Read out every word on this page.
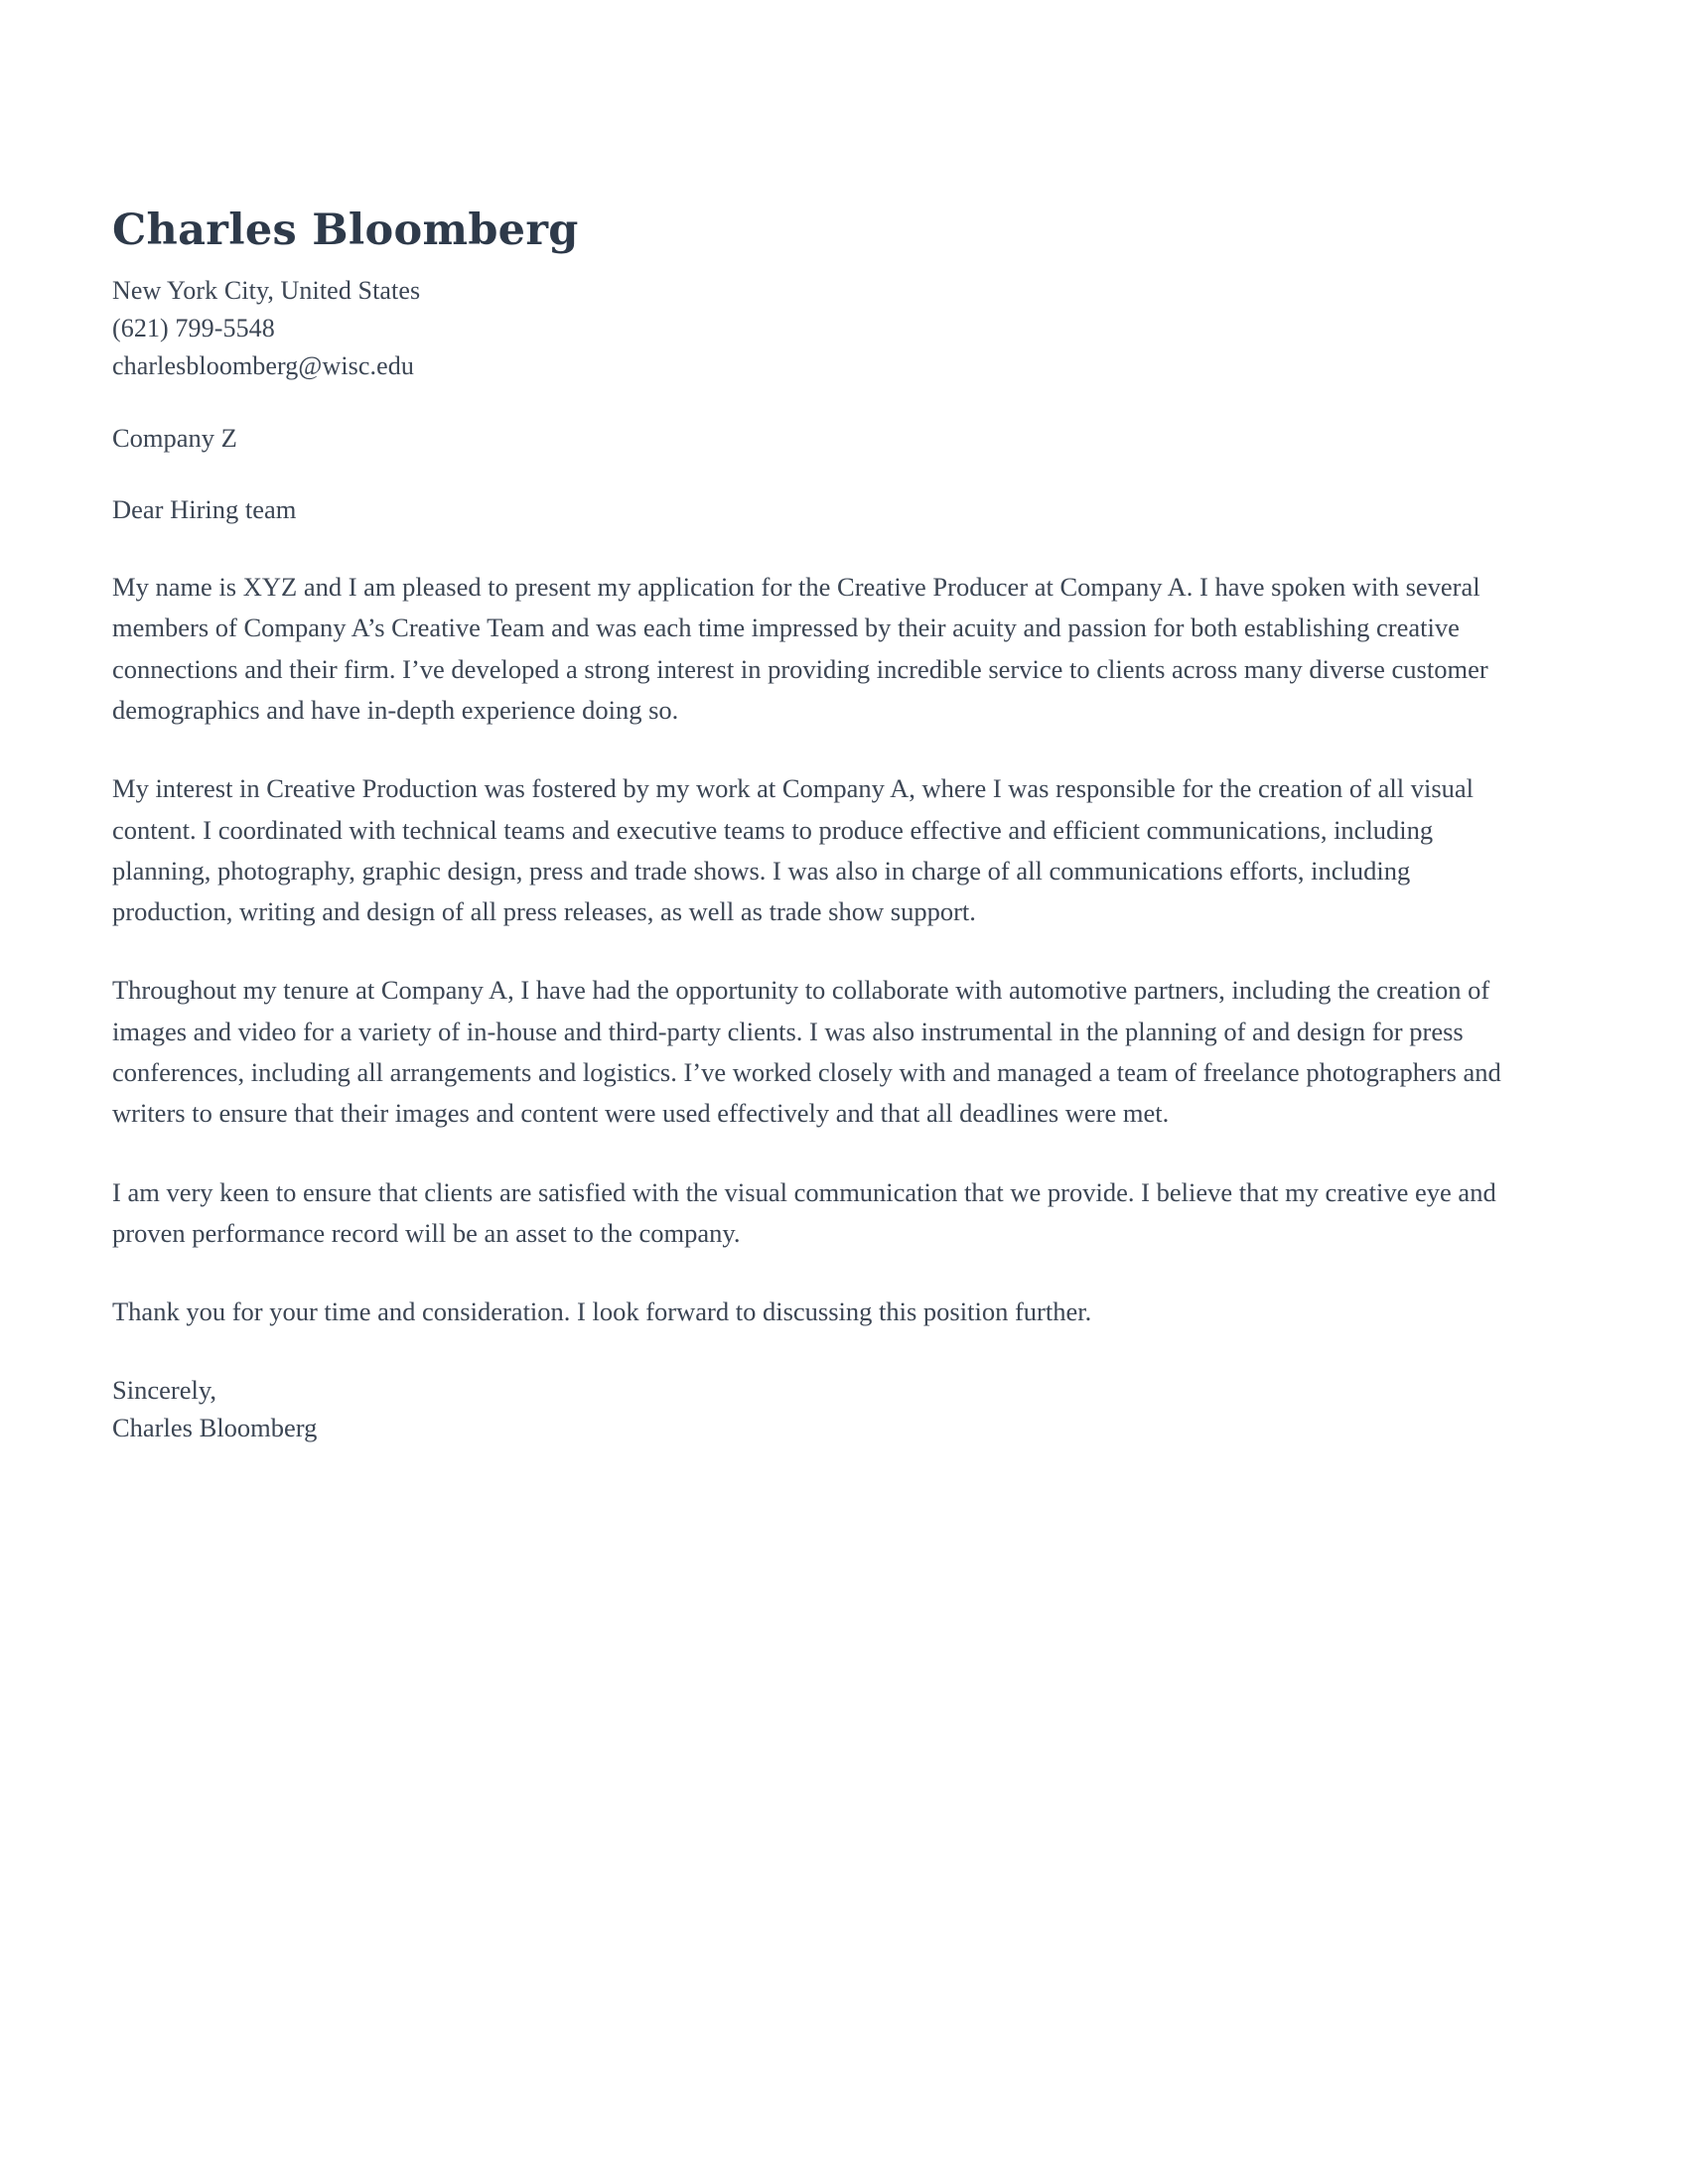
Charles Bloomberg
New York City, United States
(621) 799-5548
charlesbloomberg@wisc.edu
Company Z
Dear Hiring team

My name is XYZ and I am pleased to present my application for the Creative Producer at Company A. I have spoken with several members of Company A’s Creative Team and was each time impressed by their acuity and passion for both establishing creative connections and their firm. I’ve developed a strong interest in providing incredible service to clients across many diverse customer demographics and have in-depth experience doing so.

My interest in Creative Production was fostered by my work at Company A, where I was responsible for the creation of all visual content. I coordinated with technical teams and executive teams to produce effective and efficient communications, including planning, photography, graphic design, press and trade shows. I was also in charge of all communications efforts, including production, writing and design of all press releases, as well as trade show support.

Throughout my tenure at Company A, I have had the opportunity to collaborate with automotive partners, including the creation of images and video for a variety of in-house and third-party clients. I was also instrumental in the planning of and design for press conferences, including all arrangements and logistics. I’ve worked closely with and managed a team of freelance photographers and writers to ensure that their images and content were used effectively and that all deadlines were met.

I am very keen to ensure that clients are satisfied with the visual communication that we provide. I believe that my creative eye and proven performance record will be an asset to the company.

Thank you for your time and consideration. I look forward to discussing this position further.

Sincerely,
Charles Bloomberg
